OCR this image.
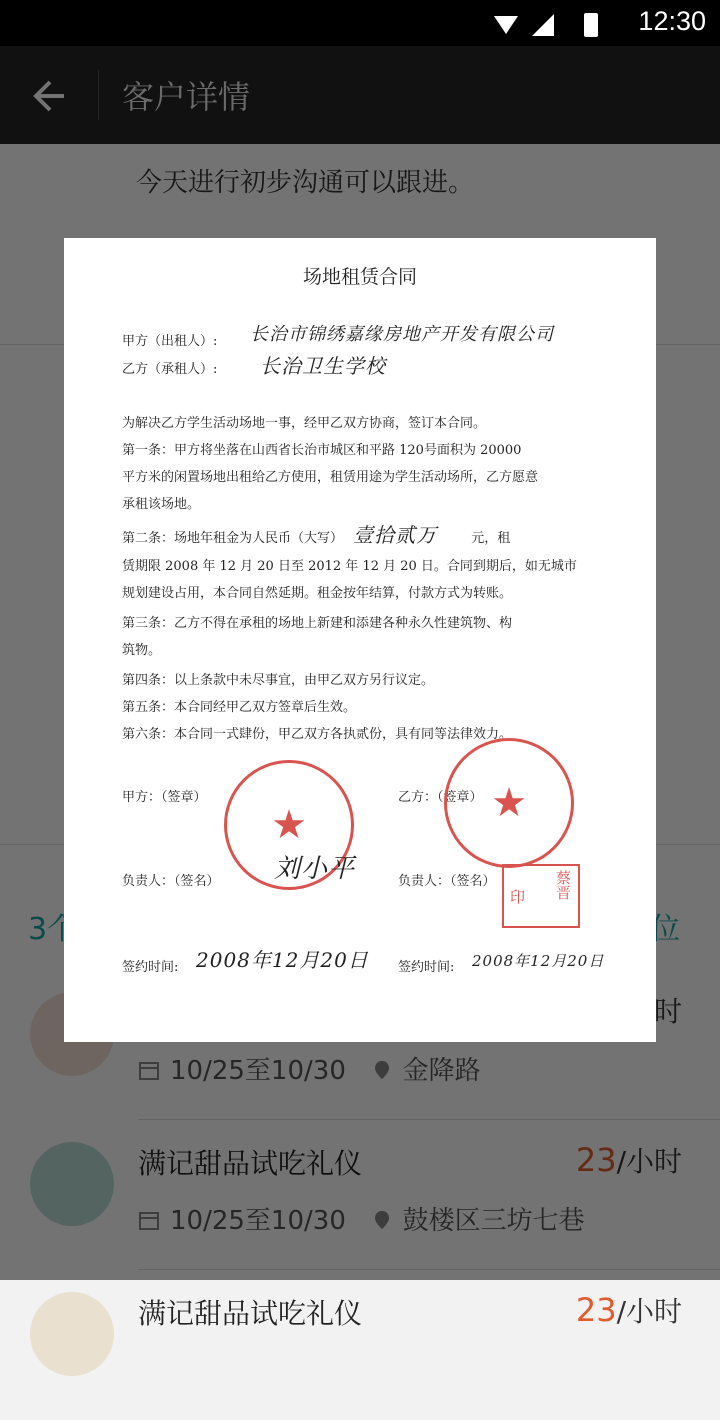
12:30

满记甜品试吃礼仪	23/小时
场地租赁合同
甲方（出租人）: 长治市锦绣嘉缘房地产开发有限公司
乙方（承租人）: 长治卫生学校
为解决乙方学生活动场地一事，经甲乙双方协商，签订本合同。
第一条：甲方将坐落在山西省长治市城区和平路 120号面积为 20000
平方米的闲置场地出租给乙方使用，租赁用途为学生活动场所，乙方愿意
承租该场地。
第二条：场地年租金为人民币（大写） 壹拾贰万	元，租
赁期限 2008 年 12 月 20 日至 2012 年 12 月 20 日。合同到期后，如无城市
规划建设占用，本合同自然延期。租金按年结算，付款方式为转账。
第三条：乙方不得在承租的场地上新建和添建各种永久性建筑物、构
筑物。
第四条：以上条款中未尽事宜，由甲乙双方另行议定。
第五条：本合同经甲乙双方签章后生效。
第六条：本合同一式肆份，甲乙双方各执贰份，具有同等法律效力。
甲方：（签章）	乙方：（签章）
★	★
负责人：（签名） 刘小平	负责人：（签名）	蔡晋
印
签约时间: 2008年12月20日 签约时间: 2008年12月20日
